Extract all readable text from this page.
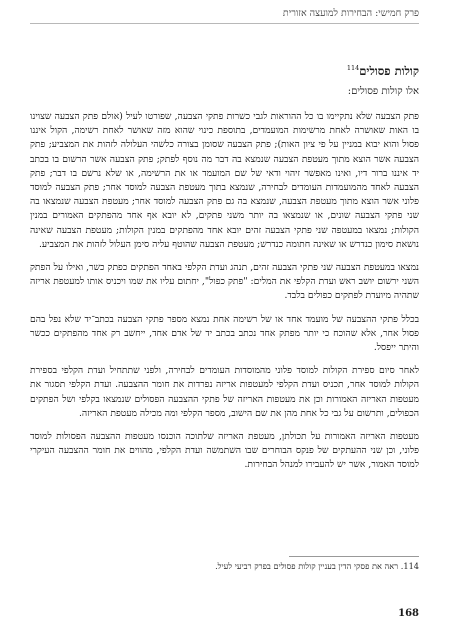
פרק חמישי: הבחירות למועצה אזורית
קולות פסולים$^{114}$
אלו קולות פסולים:

פתק הצבעה שלא נתקיימו בו כל ההוראות לגבי כשרות פתקי הצבעה, שפורטו לעיל (אולם פתק הצבעה שצוינו בו האות שאושרה לאחת מרשימות המועמדים, בתוספת כינוי שהוא מזה שאושר לאחת רשימה, הקול איננו פסול והוא יבוא במניין על פי ציון האות); פתק הצבעה שסומן בצורה כלשהי העלולה לזהות את המצביע; פתק הצבעה אשר הוצא מתוך מעטפת הצבעה שנמצא בה דבר מה נוסף לפתק; פתק הצבעה אשר הרשום בו בכתב יד איננו ברור דיו, ואינו מאפשר זיהוי ודאי של שם המועמד או את הרשימה, או שלא נרשם בו דבר; פתק הצבעה לאחד מהמועמדות העומדים לבחירה, שנמצא בתוך מעטפת הצבעה למוסד אחר; פתק הצבעה למוסד פלוני אשר הוצא מתוך מעטפת הצבעה, שנמצא בה גם פתק הצבעה למוסד אחר; מעטפת הצבעה שנמצאו בה שני פתקי הצבעה שונים, או שנמצאו בה יותר משני פתקים, לא יובא אף אחד מהפתקים האמורים במנין הקולות; נמצאו במעטפה שני פתקי הצבעה זהים יובא אחד מהפתקים במנין הקולות; מעטפת הצבעה שאינה נושאת סימון כנדרש או שאינה חתומה כנדרש; מעטפת הצבעה שהוטף עליה סימן העלול לזהות את המצביע.

נמצאו במעטפת הצבעה שני פתקי הצבעה זהים, תנהג ועדת הקלפי באחד הפתקים כפתק כשר, ואילו על הפתק השני ירשום יושב ראש ועדת הקלפי את המלים: "פתק כפול", יחתום עליו את שמו ויכניס אותו למעטפת אריזה שתהיה מיועדת לפתקים כפולים בלבד.

בכלל פתקי ההצבעה של מועמד אחד או של רשימה אחת נמצא מספר פתקי הצבעה בכתב־יד שלא נפל בהם פסול אחר, אלא שהוכח כי יותר מפתק אחד נכתב בכתב יד של אדם אחד, ייחשב רק אחד מהפתקים ככשר והיתר ייפסל.

לאחר סיום ספירת הקולות למוסד פלוני מהמוסדות העומדים לבחירה, ולפני שתתחיל ועדת הקלפי בספירת הקולות למוסד אחר, תכניס ועדת הקלפי למעטפות אריזה נפרדות את חומר ההצבעה. ועדת הקלפי תסגור את מעטפות האריזה האמורות וכן את מעטפות האריזה של פתקי ההצבעה הפסולים שנמצאו בקלפי ושל הפתקים הכפולים, ותרשום על גבי כל אחת מהן את שם הישוב, מספר הקלפי ומה מכילה מעטפת האריזה.

מעטפות האריזה האמורות על תכולתן, מעטפת האריזה שלתוכה הוכנסו מעטפות ההצבעה הפסולות למוסד פלוני, וכן שני ההעתקים של פנקס הבוחרים שבו השתמשה ועדת הקלפי, מהווים את חומר ההצבעה העיקרי למוסד האמור, אשר יש להעבירו למנהל הבחירות.

114. ראה את פסקי הדין בעניין קולות פסולים בפרק רביעי לעיל.
168
